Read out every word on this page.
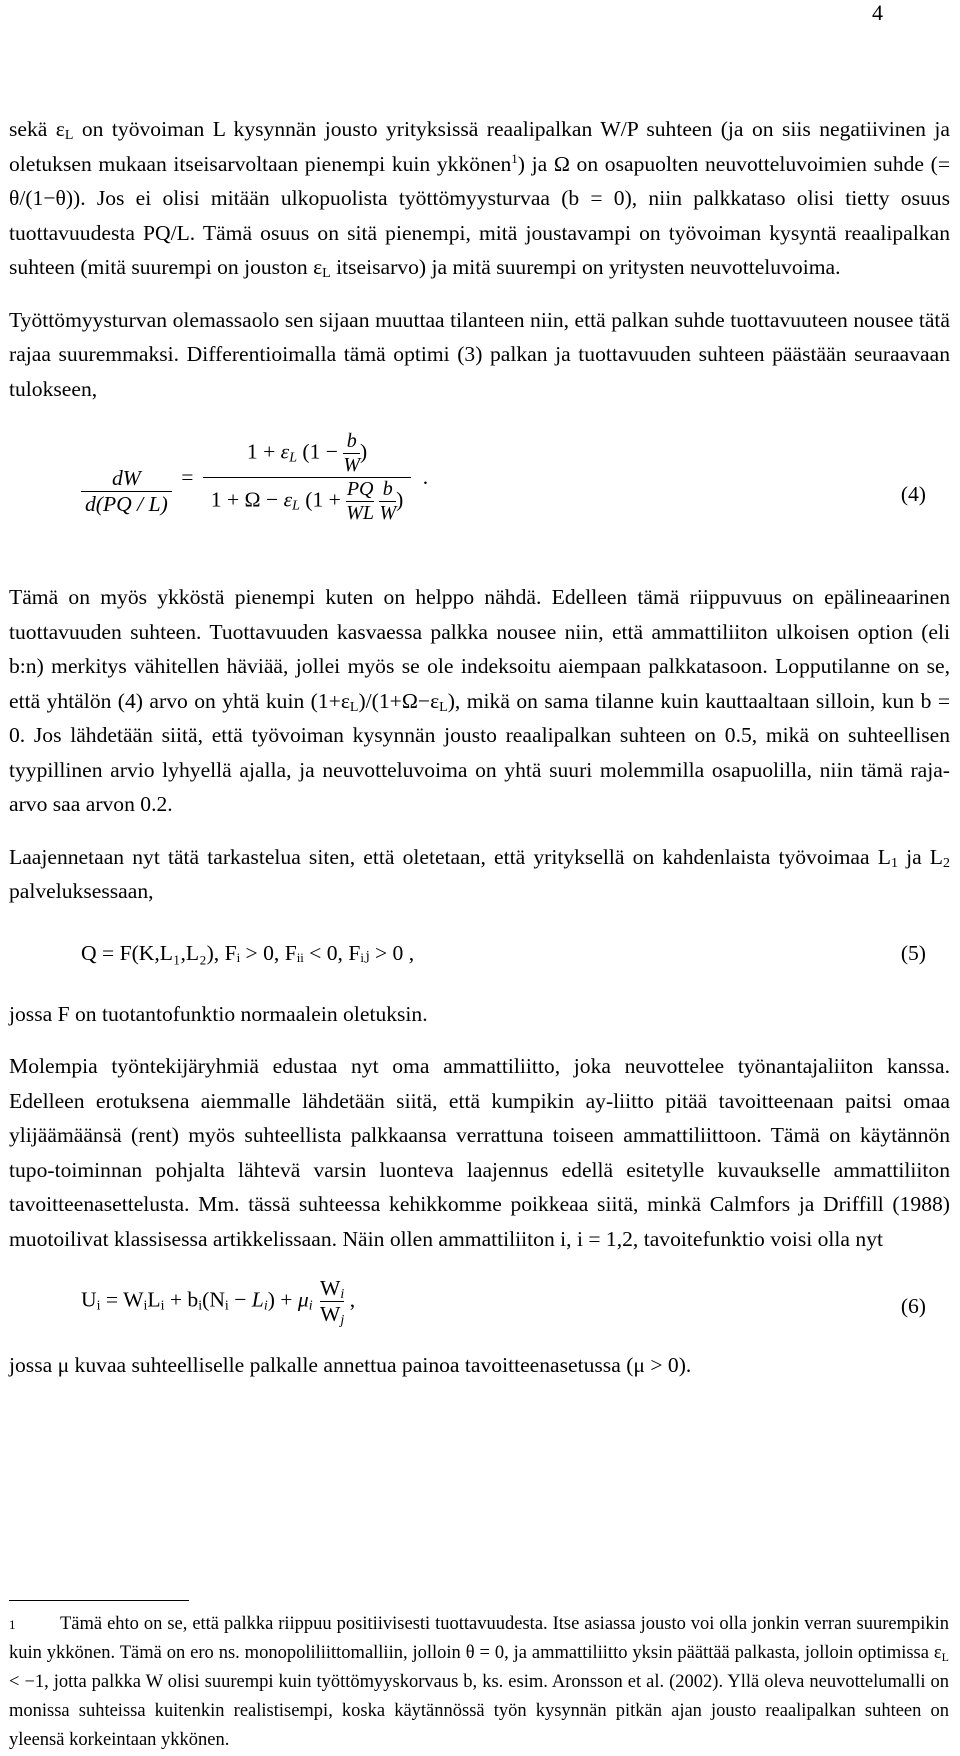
4

sekä $\varepsilon_L$ on työvoiman L kysynnän jousto yrityksissä reaalipalkan W/P suhteen (ja on siis negatiivinen ja oletuksen mukaan itseisarvoltaan pienempi kuin ykkönen$^1$) ja Ω on osapuolten neuvotteluvoimien suhde (= θ/(1−θ)). Jos ei olisi mitään ulkopuolista työttömyysturvaa (b = 0), niin palkkataso olisi tietty osuus tuottavuudesta PQ/L. Tämä osuus on sitä pienempi, mitä joustavampi on työvoiman kysyntä reaalipalkan suhteen (mitä suurempi on jouston $\varepsilon_L$ itseisarvo) ja mitä suurempi on yritysten neuvotteluvoima.

Työttömyysturvan olemassaolo sen sijaan muuttaa tilanteen niin, että palkan suhde tuottavuuteen nousee tätä rajaa suuremmaksi. Differentioimalla tämä optimi (3) palkan ja tuottavuuden suhteen päästään seuraavaan tulokseen,

$\frac{dW}{d(PQ / L)} = 1 + \varepsilon_L$ ($1 - \frac{b}{W}$ )
$1 + \Omega - \varepsilon_L$ ($1 + \frac{PQ}{WL}$
$\frac{b}{W}$ ) .
(4)

Tämä on myös ykköstä pienempi kuten on helppo nähdä. Edelleen tämä riippuvuus on epälineaarinen tuottavuuden suhteen. Tuottavuuden kasvaessa palkka nousee niin, että ammattiliiton ulkoisen option (eli b:n) merkitys vähitellen häviää, jollei myös se ole indeksoitu aiempaan palkkatasoon. Lopputilanne on se, että yhtälön (4) arvo on yhtä kuin $(1+\varepsilon_L)/(1+\Omega-\varepsilon_L)$, mikä on sama tilanne kuin kauttaaltaan silloin, kun b = 0. Jos lähdetään siitä, että työvoiman kysynnän jousto reaalipalkan suhteen on 0.5, mikä on suhteellisen tyypillinen arvio lyhyellä ajalla, ja neuvotteluvoima on yhtä suuri molemmilla osapuolilla, niin tämä raja-arvo saa arvon 0.2.

Laajennetaan nyt tätä tarkastelua siten, että oletetaan, että yrityksellä on kahdenlaista työvoimaa $L_1$ ja $L_2$ palveluksessaan,

Q = F(K,L₁,L₂), Fᵢ > 0, Fᵢᵢ < 0, Fᵢⱼ > 0 ,	(5)

jossa F on tuotantofunktio normaalein oletuksin.

Molempia työntekijäryhmiä edustaa nyt oma ammattiliitto, joka neuvottelee työnantajaliiton kanssa. Edelleen erotuksena aiemmalle lähdetään siitä, että kumpikin ay-liitto pitää tavoitteenaan paitsi omaa ylijäämäänsä (rent) myös suhteellista palkkaansa verrattuna toiseen ammattiliittoon. Tämä on käytännön tupo-toiminnan pohjalta lähtevä varsin luonteva laajennus edellä esitetylle kuvaukselle ammattiliiton tavoitteenasettelusta. Mm. tässä suhteessa kehikkomme poikkeaa siitä, minkä Calmfors ja Driffill (1988) muotoilivat klassisessa artikkelissaan. Näin ollen ammattiliiton i, i = 1,2, tavoitefunktio voisi olla nyt

$U_i = W_iL_i + b_i(N_i - L_i) + \mu_i \frac{W_i}{W_j}$ ,	(6)

jossa μ kuvaa suhteelliselle palkalle annettua painoa tavoitteenasetussa (μ > 0).

1	Tämä ehto on se, että palkka riippuu positiivisesti tuottavuudesta. Itse asiassa jousto voi olla jonkin verran suurempikin kuin ykkönen. Tämä on ero ns. monopoliliittomalliin, jolloin θ = 0, ja ammattiliitto yksin päättää palkasta, jolloin optimissa $\varepsilon_L < -1$, jotta palkka W olisi suurempi kuin työttömyyskorvaus b, ks. esim. Aronsson et al. (2002). Yllä oleva neuvottelumalli on monissa suhteissa kuitenkin realistisempi, koska käytännössä työn kysynnän pitkän ajan jousto reaalipalkan suhteen on yleensä korkeintaan ykkönen.
